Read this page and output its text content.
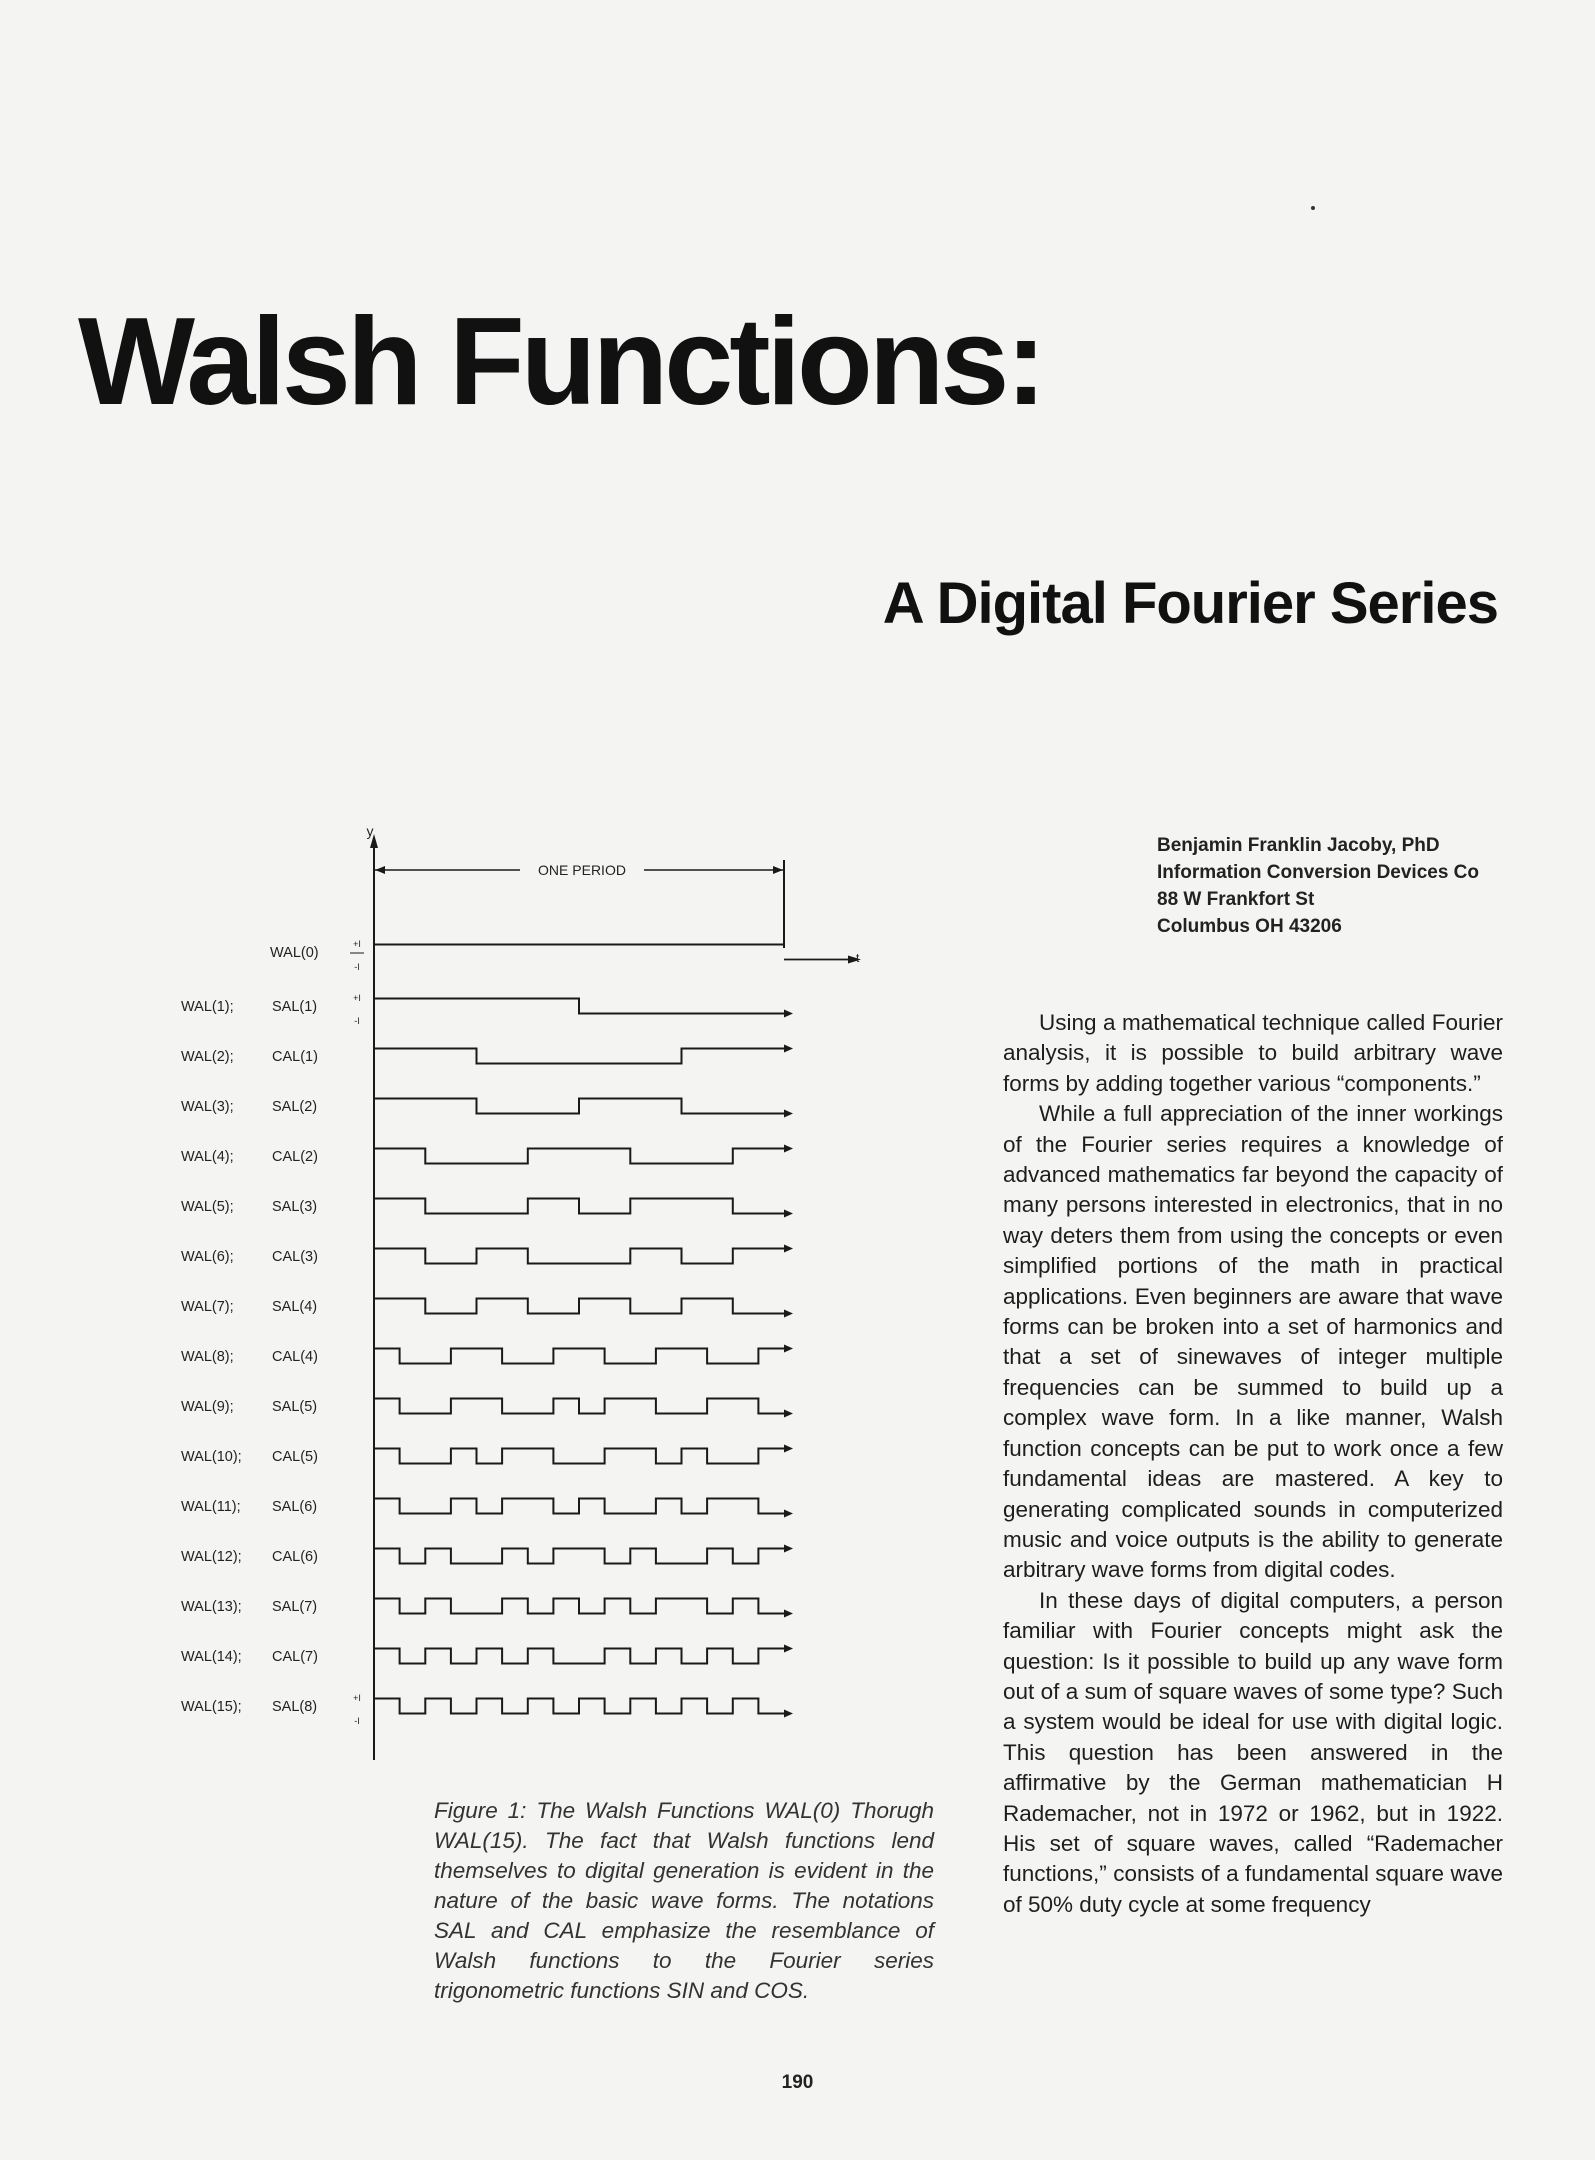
Walsh Functions:
A Digital Fourier Series
Benjamin Franklin Jacoby, PhD
Information Conversion Devices Co
88 W Frankfort St
Columbus OH 43206
y
ONE PERIOD
t
WAL(0)
WAL(1);	SAL(1)
WAL(2);	CAL(1)
WAL(3);	SAL(2)
WAL(4);	CAL(2)
WAL(5);	SAL(3)
WAL(6);	CAL(3)
WAL(7);	SAL(4)
WAL(8);	CAL(4)
WAL(9);	SAL(5)
WAL(10); CAL(5)
WAL(11); SAL(6)
WAL(12); CAL(6)
WAL(13); SAL(7)
WAL(14); CAL(7)
WAL(15); SAL(8)
+I
-I
+I
-I
+I
-I
Figure 1: The Walsh Functions WAL(0) Thorugh WAL(15). The fact that Walsh functions lend themselves to digital generation is evident in the nature of the basic wave forms. The notations SAL and CAL emphasize the resemblance of Walsh functions to the Fourier series trigonometric functions SIN and COS.

Using a mathematical technique called Fourier analysis, it is possible to build arbitrary wave forms by adding together various “components.”

While a full appreciation of the inner workings of the Fourier series requires a knowledge of advanced mathematics far beyond the capacity of many persons interested in electronics, that in no way deters them from using the concepts or even simplified portions of the math in practical applications. Even beginners are aware that wave forms can be broken into a set of harmonics and that a set of sinewaves of integer multiple frequencies can be summed to build up a complex wave form. In a like manner, Walsh function concepts can be put to work once a few fundamental ideas are mastered. A key to generating complicated sounds in computerized music and voice outputs is the ability to generate arbitrary wave forms from digital codes.

In these days of digital computers, a person familiar with Fourier concepts might ask the question: Is it possible to build up any wave form out of a sum of square waves of some type? Such a system would be ideal for use with digital logic. This question has been answered in the affirmative by the German mathematician H Rademacher, not in 1972 or 1962, but in 1922. His set of square waves, called “Rademacher functions,” consists of a fundamental square wave of 50% duty cycle at some frequency

190
